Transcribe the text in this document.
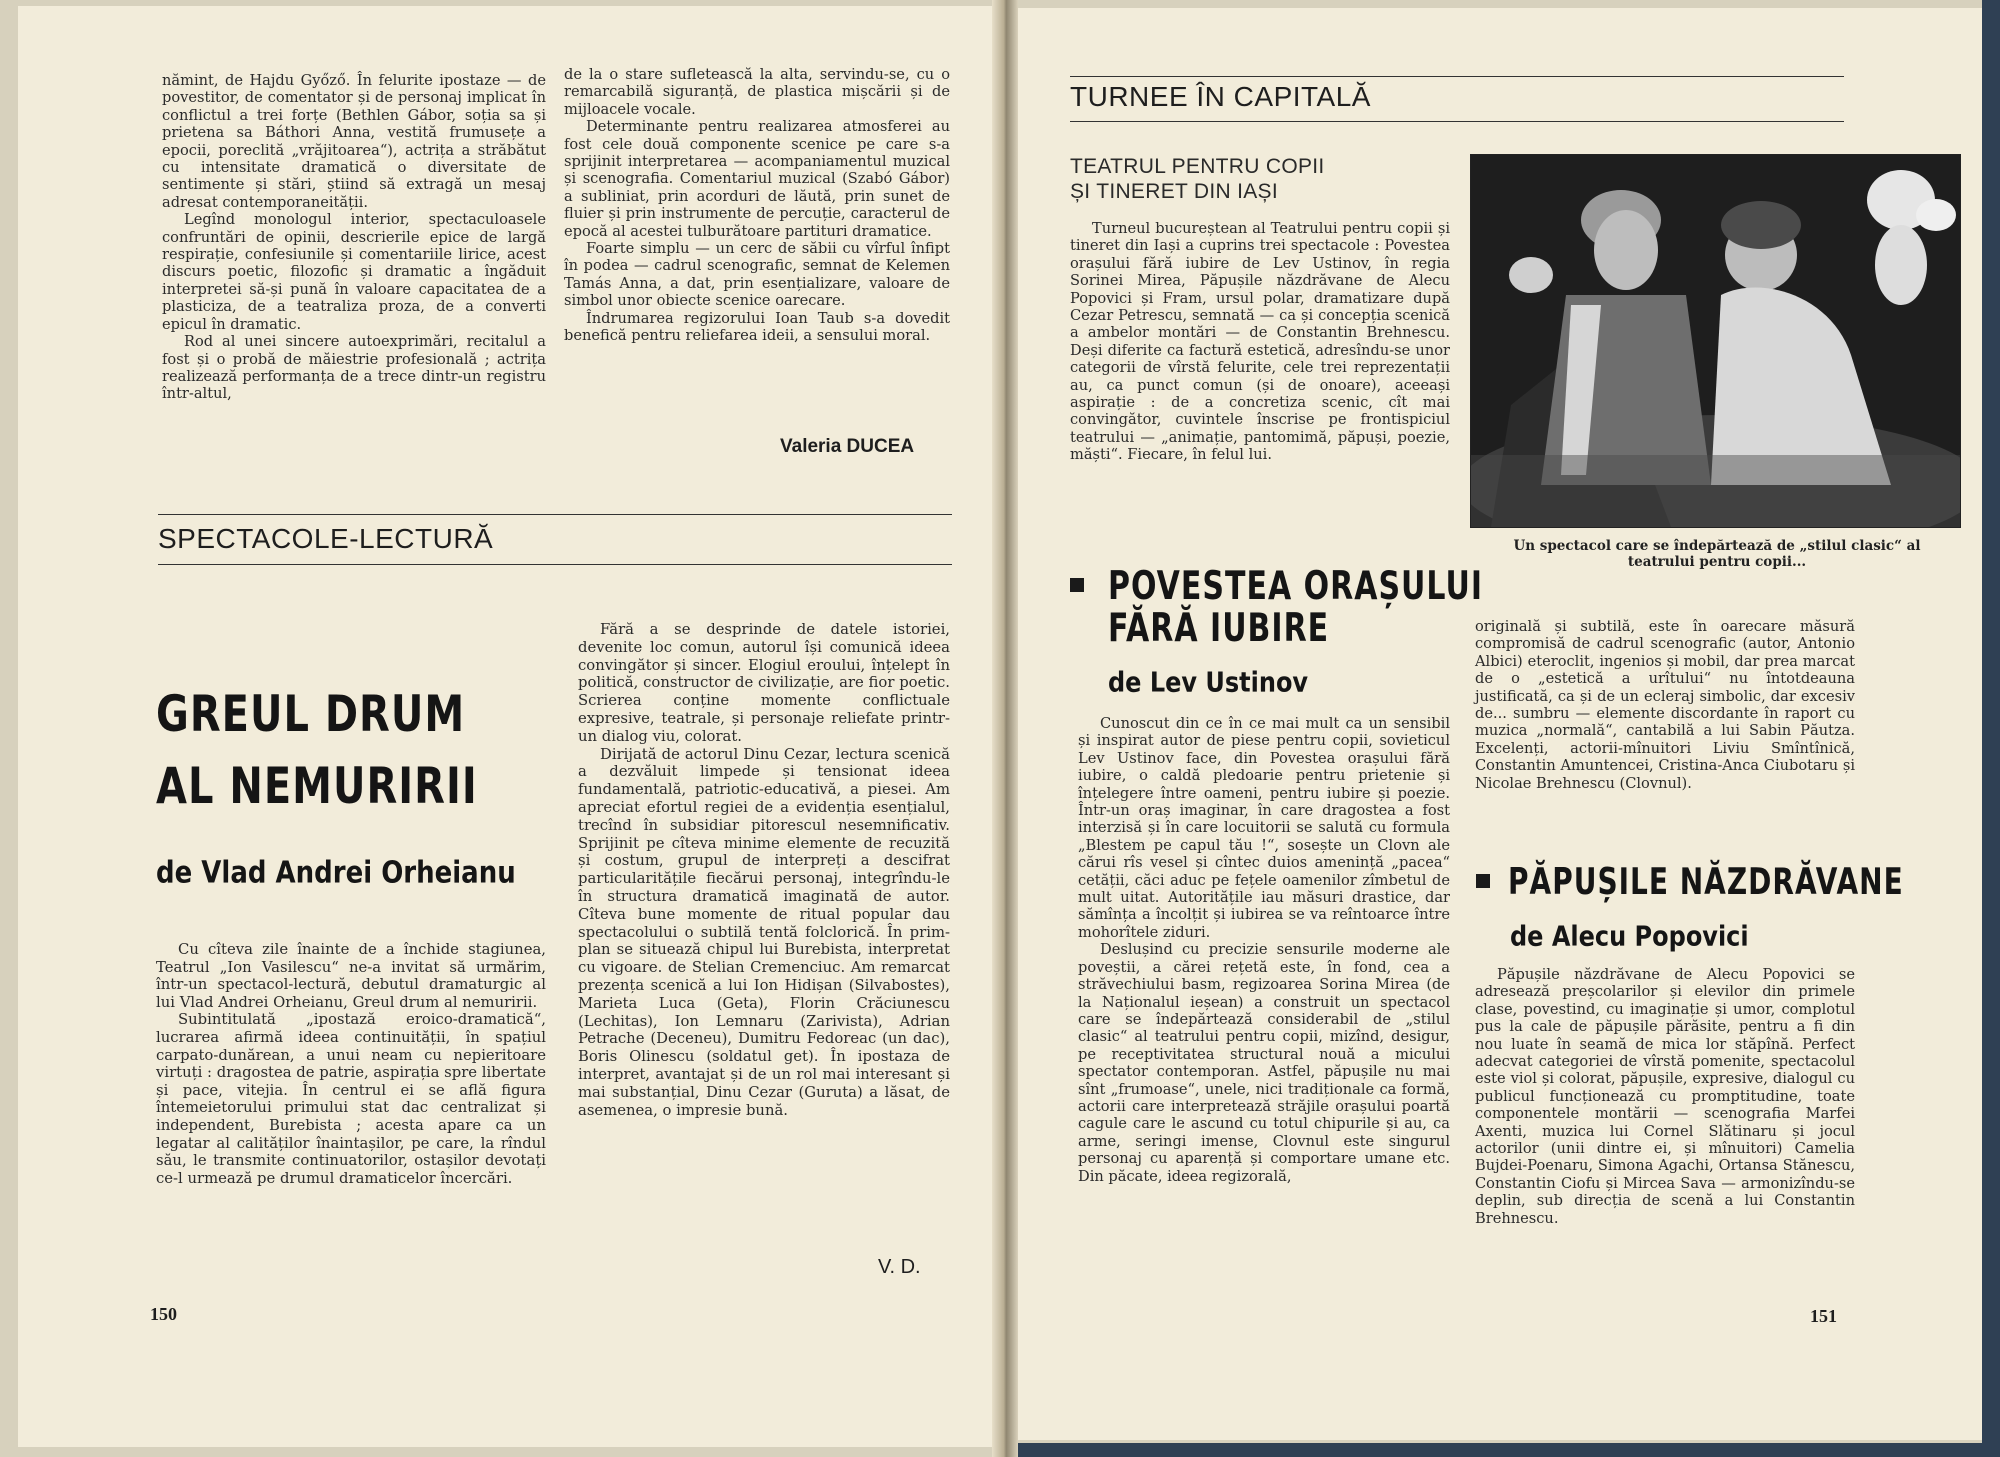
nămint, de Hajdu Győző. În felurite ipostaze — de povestitor, de comentator și de personaj implicat în conflictul a trei forțe (Bethlen Gábor, soția sa și prietena sa Báthori Anna, vestită frumusețe a epocii, poreclită „vrăjitoarea“), actrița a străbătut cu intensitate dramatică o diversitate de sentimente și stări, știind să extragă un mesaj adresat contemporaneității.

Legînd monologul interior, spectaculoasele confruntări de opinii, descrierile epice de largă respirație, confesiunile și comentariile lirice, acest discurs poetic, filozofic și dramatic a îngăduit interpretei să-și pună în valoare capacitatea de a plasticiza, de a teatraliza proza, de a converti epicul în dramatic.

Rod al unei sincere autoexprimări, recitalul a fost și o probă de măiestrie profesională ; actrița realizează performanța de a trece dintr-un registru într-altul,

de la o stare sufletească la alta, servindu-se, cu o remarcabilă siguranță, de plastica mișcării și de mijloacele vocale.

Determinante pentru realizarea atmosferei au fost cele două componente scenice pe care s-a sprijinit interpretarea — acompaniamentul muzical și scenografia. Comentariul muzical (Szabó Gábor) a subliniat, prin acorduri de lăută, prin sunet de fluier și prin instrumente de percuție, caracterul de epocă al acestei tulburătoare partituri dramatice.

Foarte simplu — un cerc de săbii cu vîrful înfipt în podea — cadrul scenografic, semnat de Kelemen Tamás Anna, a dat, prin esențializare, valoare de simbol unor obiecte scenice oarecare.

Îndrumarea regizorului Ioan Taub s-a dovedit benefică pentru reliefarea ideii, a sensului moral.

Valeria DUCEA
SPECTACOLE-LECTURĂ
GREUL DRUM
AL NEMURIRII
de Vlad Andrei Orheianu

Cu cîteva zile înainte de a închide stagiunea, Teatrul „Ion Vasilescu“ ne-a invitat să urmărim, într-un spectacol-lectură, debutul dramaturgic al lui Vlad Andrei Orheianu, Greul drum al nemuririi.

Subintitulată „ipostază eroico-dramatică“, lucrarea afirmă ideea continuității, în spațiul carpato-dunărean, a unui neam cu nepieritoare virtuți : dragostea de patrie, aspirația spre libertate și pace, vitejia. În centrul ei se află figura întemeietorului primului stat dac centralizat și independent, Burebista ; acesta apare ca un legatar al calităților înaintașilor, pe care, la rîndul său, le transmite continuatorilor, ostașilor devotați ce-l urmează pe drumul dramaticelor încercări.

Fără a se desprinde de datele istoriei, devenite loc comun, autorul își comunică ideea convingător și sincer. Elogiul eroului, înțelept în politică, constructor de civilizație, are fior poetic. Scrierea conține momente conflictuale expresive, teatrale, și personaje reliefate printr-un dialog viu, colorat.

Dirijată de actorul Dinu Cezar, lectura scenică a dezvăluit limpede și tensionat ideea fundamentală, patriotic-educativă, a piesei. Am apreciat efortul regiei de a evidenția esențialul, trecînd în subsidiar pitorescul nesemnificativ. Sprijinit pe cîteva minime elemente de recuzită și costum, grupul de interpreți a descifrat particularitățile fiecărui personaj, integrîndu-le în structura dramatică imaginată de autor. Cîteva bune momente de ritual popular dau spectacolului o subtilă tentă folclorică. În prim-plan se situează chipul lui Burebista, interpretat cu vigoare. de Stelian Cremenciuc. Am remarcat prezența scenică a lui Ion Hidișan (Silvabostes), Marieta Luca (Geta), Florin Crăciunescu (Lechitas), Ion Lemnaru (Zarivista), Adrian Petrache (Deceneu), Dumitru Fedoreac (un dac), Boris Olinescu (soldatul get). În ipostaza de interpret, avantajat și de un rol mai interesant și mai substanțial, Dinu Cezar (Guruta) a lăsat, de asemenea, o impresie bună.

V. D.
150
TURNEE ÎN CAPITALĂ
TEATRUL PENTRU COPII
ȘI TINERET DIN IAȘI

Turneul bucureștean al Teatrului pentru copii și tineret din Iași a cuprins trei spectacole : Povestea orașului fără iubire de Lev Ustinov, în regia Sorinei Mirea, Păpușile năzdrăvane de Alecu Popovici și Fram, ursul polar, dramatizare după Cezar Petrescu, semnată — ca și concepția scenică a ambelor montări — de Constantin Brehnescu. Deși diferite ca factură estetică, adresîndu-se unor categorii de vîrstă felurite, cele trei reprezentații au, ca punct comun (și de onoare), aceeași aspirație : de a concretiza scenic, cît mai convingător, cuvintele înscrise pe frontispiciul teatrului — „animație, pantomimă, păpuși, poezie, măști“. Fiecare, în felul lui.

Un spectacol care se îndepărtează de „stilul clasic“ al teatrului pentru copii...
POVESTEA ORAȘULUI
FĂRĂ IUBIRE
de Lev Ustinov

Cunoscut din ce în ce mai mult ca un sensibil și inspirat autor de piese pentru copii, sovieticul Lev Ustinov face, din Povestea orașului fără iubire, o caldă pledoarie pentru prietenie și înțelegere între oameni, pentru iubire și poezie. Într-un oraș imaginar, în care dragostea a fost interzisă și în care locuitorii se salută cu formula „Blestem pe capul tău !“, sosește un Clovn ale cărui rîs vesel și cîntec duios amenință „pacea“ cetății, căci aduc pe fețele oamenilor zîmbetul de mult uitat. Autoritățile iau măsuri drastice, dar sămînța a încolțit și iubirea se va reîntoarce între mohorîtele ziduri.

Deslușind cu precizie sensurile moderne ale poveștii, a cărei rețetă este, în fond, cea a străvechiului basm, regizoarea Sorina Mirea (de la Naționalul ieșean) a construit un spectacol care se îndepărtează considerabil de „stilul clasic“ al teatrului pentru copii, mizînd, desigur, pe receptivitatea structural nouă a micului spectator contemporan. Astfel, păpușile nu mai sînt „frumoase“, unele, nici tradiționale ca formă, actorii care interpretează străjile orașului poartă cagule care le ascund cu totul chipurile și au, ca arme, seringi imense, Clovnul este singurul personaj cu aparență și comportare umane etc. Din păcate, ideea regizorală,

originală și subtilă, este în oarecare măsură compromisă de cadrul scenografic (autor, Antonio Albici) eteroclit, ingenios și mobil, dar prea marcat de o „estetică a urîtului“ nu întotdeauna justificată, ca și de un ecleraj simbolic, dar excesiv de... sumbru — elemente discordante în raport cu muzica „normală“, cantabilă a lui Sabin Păutza. Excelenți, actorii-mînuitori Liviu Smîntînică, Constantin Amuntencei, Cristina-Anca Ciubotaru și Nicolae Brehnescu (Clovnul).

PĂPUȘILE NĂZDRĂVANE
de Alecu Popovici

Păpușile năzdrăvane de Alecu Popovici se adresează preșcolarilor și elevilor din primele clase, povestind, cu imaginație și umor, complotul pus la cale de păpușile părăsite, pentru a fi din nou luate în seamă de mica lor stăpînă. Perfect adecvat categoriei de vîrstă pomenite, spectacolul este viol și colorat, păpușile, expresive, dialogul cu publicul funcționează cu promptitudine, toate componentele montării — scenografia Marfei Axenti, muzica lui Cornel Slătinaru și jocul actorilor (unii dintre ei, și mînuitori) Camelia Bujdei-Poenaru, Simona Agachi, Ortansa Stănescu, Constantin Ciofu și Mircea Sava — armonizîndu-se deplin, sub direcția de scenă a lui Constantin Brehnescu.

151
